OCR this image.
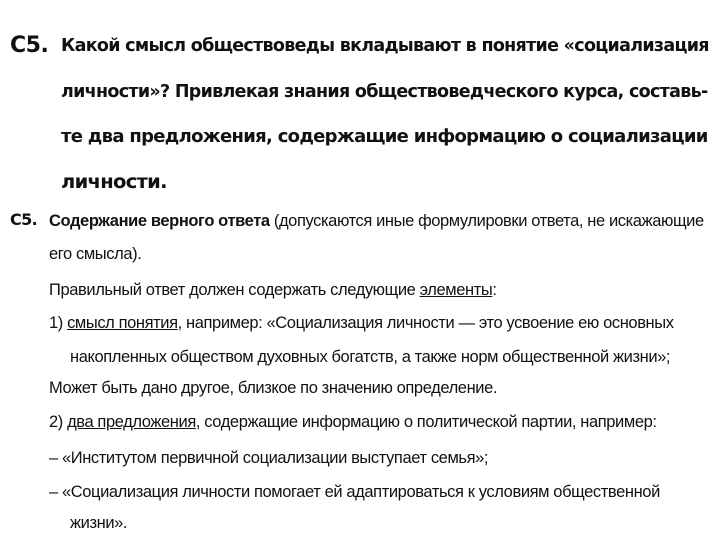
С5. Какой смысл обществоведы вкладывают в понятие «социализация
личности»? Привлекая знания обществоведческого курса, составь-
те два предложения, содержащие информацию о социализации
личности.
С5. Содержание верного ответа (допускаются иные формулировки ответа, не искажающие
его смысла).
Правильный ответ должен содержать следующие элементы:
1) смысл понятия, например: «Социализация личности — это усвоение ею основных
накопленных обществом духовных богатств, а также норм общественной жизни»;
Может быть дано другое, близкое по значению определение.
2) два предложения, содержащие информацию о политической партии, например:
– «Институтом первичной социализации выступает семья»;
– «Социализация личности помогает ей адаптироваться к условиям общественной
жизни».
